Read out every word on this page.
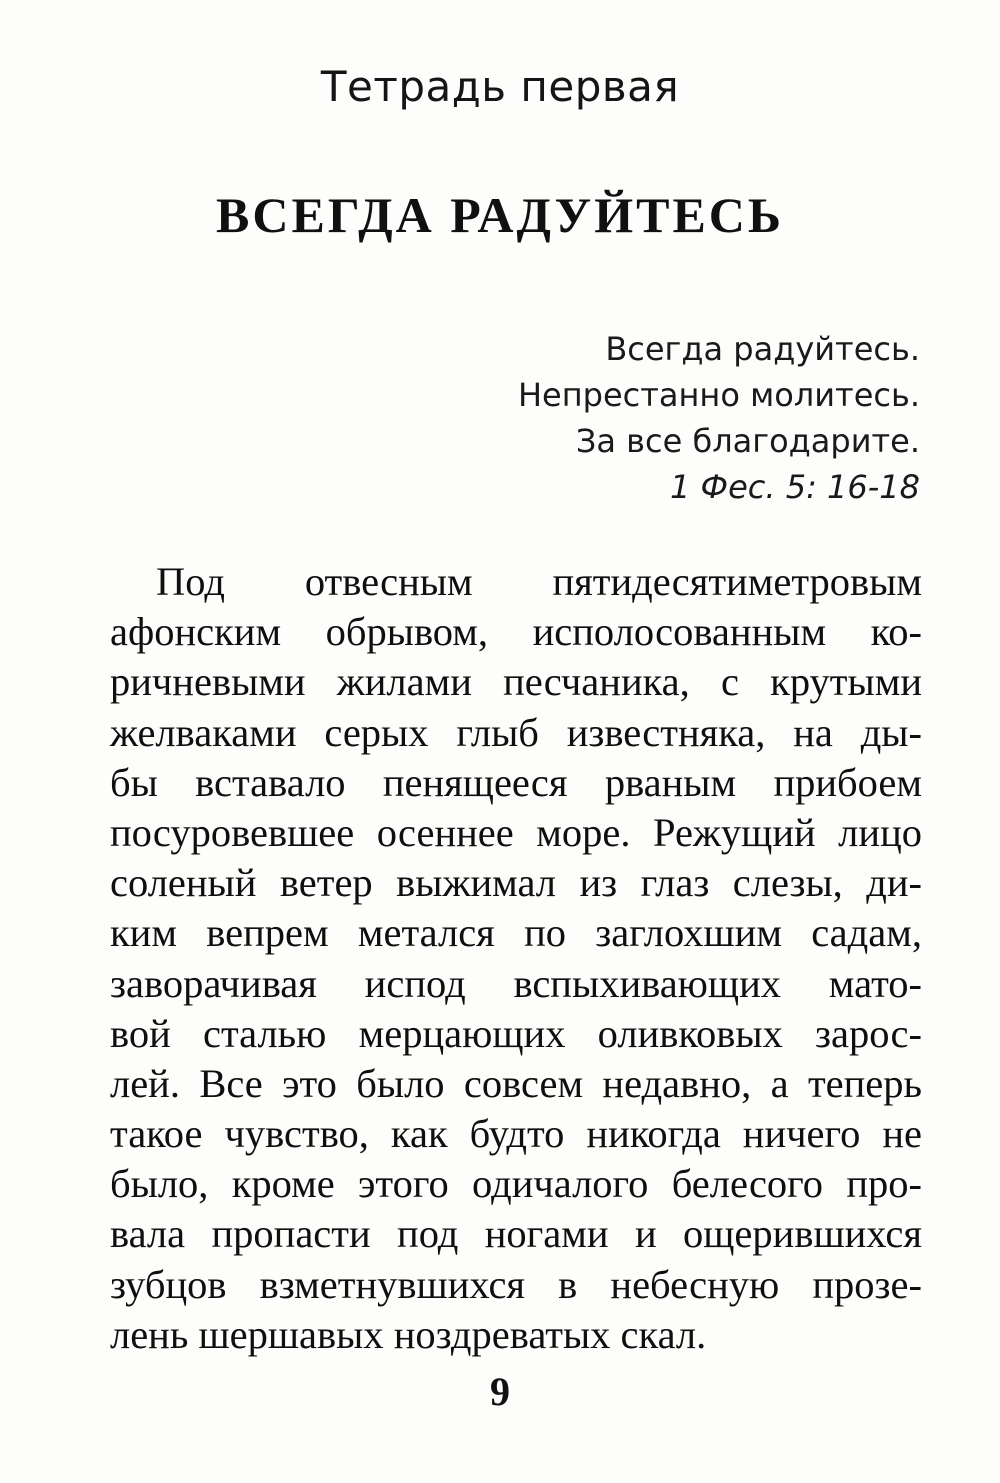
Тетрадь первая
ВСЕГДА РАДУЙТЕСЬ
Всегда радуйтесь.
Непрестанно молитесь.
За все благодарите.
1 Фес. 5: 16-18
Под отвесным пятидесятиметровым
афонским обрывом, исполосованным ко-
ричневыми жилами песчаника, с крутыми
желваками серых глыб известняка, на ды-
бы вставало пенящееся рваным прибоем
посуровевшее осеннее море. Режущий лицо
соленый ветер выжимал из глаз слезы, ди-
ким вепрем метался по заглохшим садам,
заворачивая испод вспыхивающих мато-
вой сталью мерцающих оливковых зарос-
лей. Все это было совсем недавно, а теперь
такое чувство, как будто никогда ничего не
было, кроме этого одичалого белесого про-
вала пропасти под ногами и ощерившихся
зубцов взметнувшихся в небесную прозе-
лень шершавых ноздреватых скал.
9
